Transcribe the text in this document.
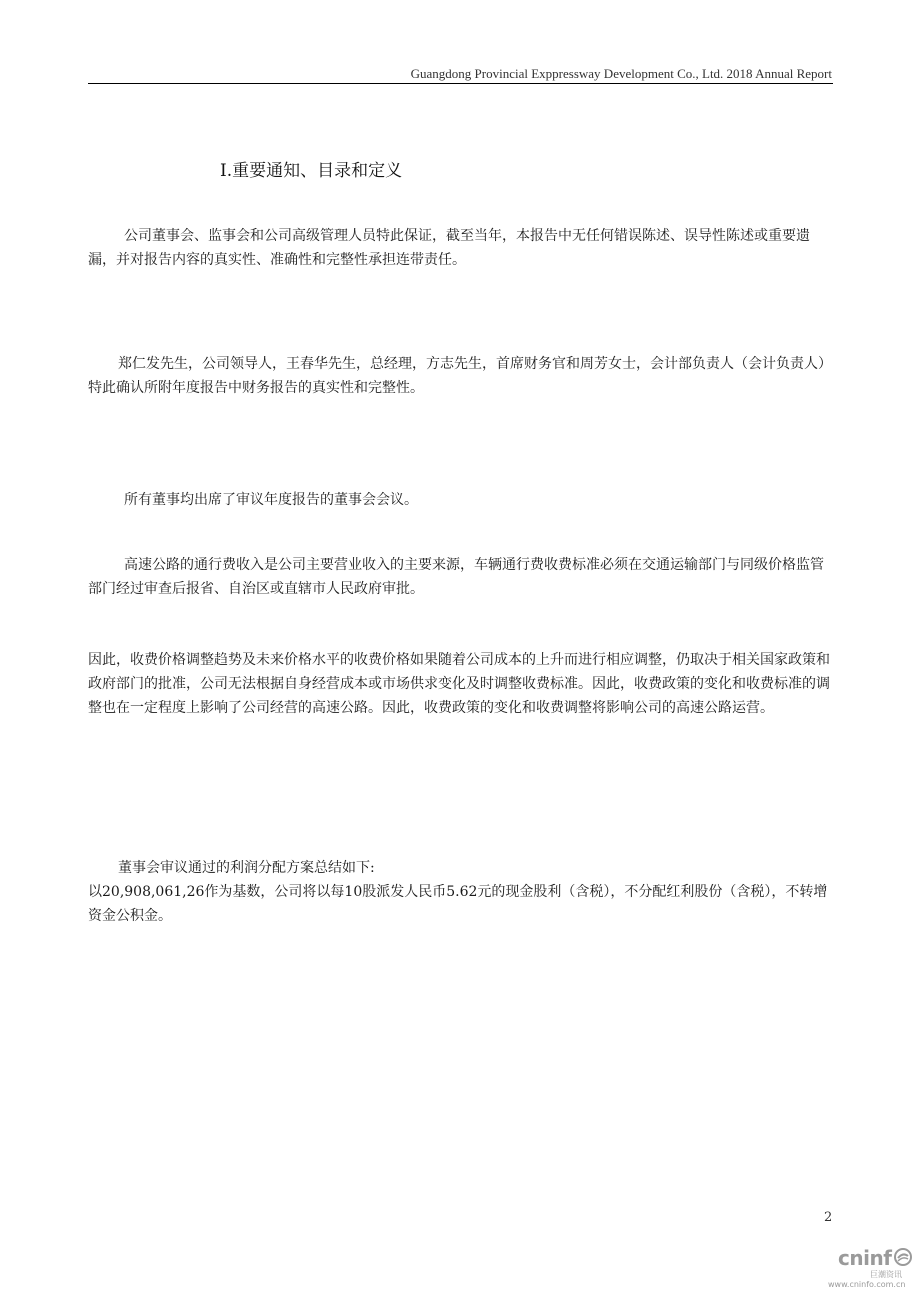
Guangdong Provincial Exppressway Development Co., Ltd. 2018 Annual Report
I.重要通知、目录和定义

公司董事会、监事会和公司高级管理人员特此保证，截至当年，本报告中无任何错误陈述、误导性陈述或重要遗漏，并对报告内容的真实性、准确性和完整性承担连带责任。

郑仁发先生，公司领导人，王春华先生，总经理，方志先生，首席财务官和周芳女士，会计部负责人（会计负责人）特此确认所附年度报告中财务报告的真实性和完整性。

所有董事均出席了审议年度报告的董事会会议。

高速公路的通行费收入是公司主要营业收入的主要来源，车辆通行费收费标准必须在交通运输部门与同级价格监管部门经过审查后报省、自治区或直辖市人民政府审批。

因此，收费价格调整趋势及未来价格水平的收费价格如果随着公司成本的上升而进行相应调整，仍取决于相关国家政策和政府部门的批准，公司无法根据自身经营成本或市场供求变化及时调整收费标准。因此，收费政策的变化和收费标准的调整也在一定程度上影响了公司经营的高速公路。因此，收费政策的变化和收费调整将影响公司的高速公路运营。

董事会审议通过的利润分配方案总结如下:

以20,908,061,26作为基数，公司将以每10股派发人民币5.62元的现金股利（含税），不分配红利股份（含税），不转增资金公积金。

2
cninf
巨潮资讯
www.cninfo.com.cn
